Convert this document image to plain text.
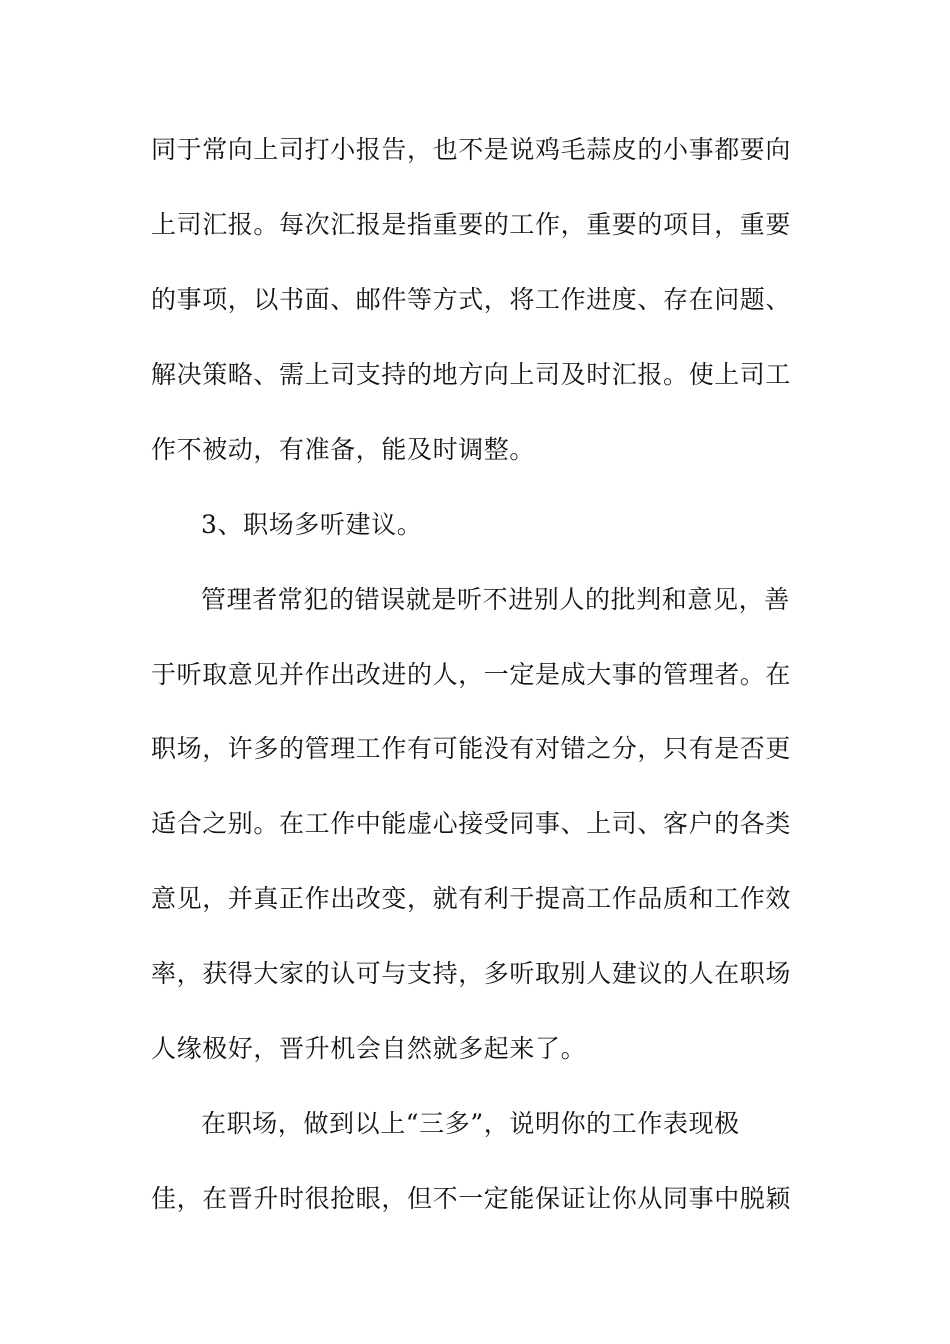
同于常向上司打小报告，也不是说鸡毛蒜皮的小事都要向
上司汇报。每次汇报是指重要的工作，重要的项目，重要
的事项，以书面、邮件等方式，将工作进度、存在问题、
解决策略、需上司支持的地方向上司及时汇报。使上司工
作不被动，有准备，能及时调整。
3、职场多听建议。
管理者常犯的错误就是听不进别人的批判和意见，善
于听取意见并作出改进的人，一定是成大事的管理者。在
职场，许多的管理工作有可能没有对错之分，只有是否更
适合之别。在工作中能虚心接受同事、上司、客户的各类
意见，并真正作出改变，就有利于提高工作品质和工作效
率，获得大家的认可与支持，多听取别人建议的人在职场
人缘极好，晋升机会自然就多起来了。
在职场，做到以上“三多”，说明你的工作表现极
佳，在晋升时很抢眼，但不一定能保证让你从同事中脱颖
